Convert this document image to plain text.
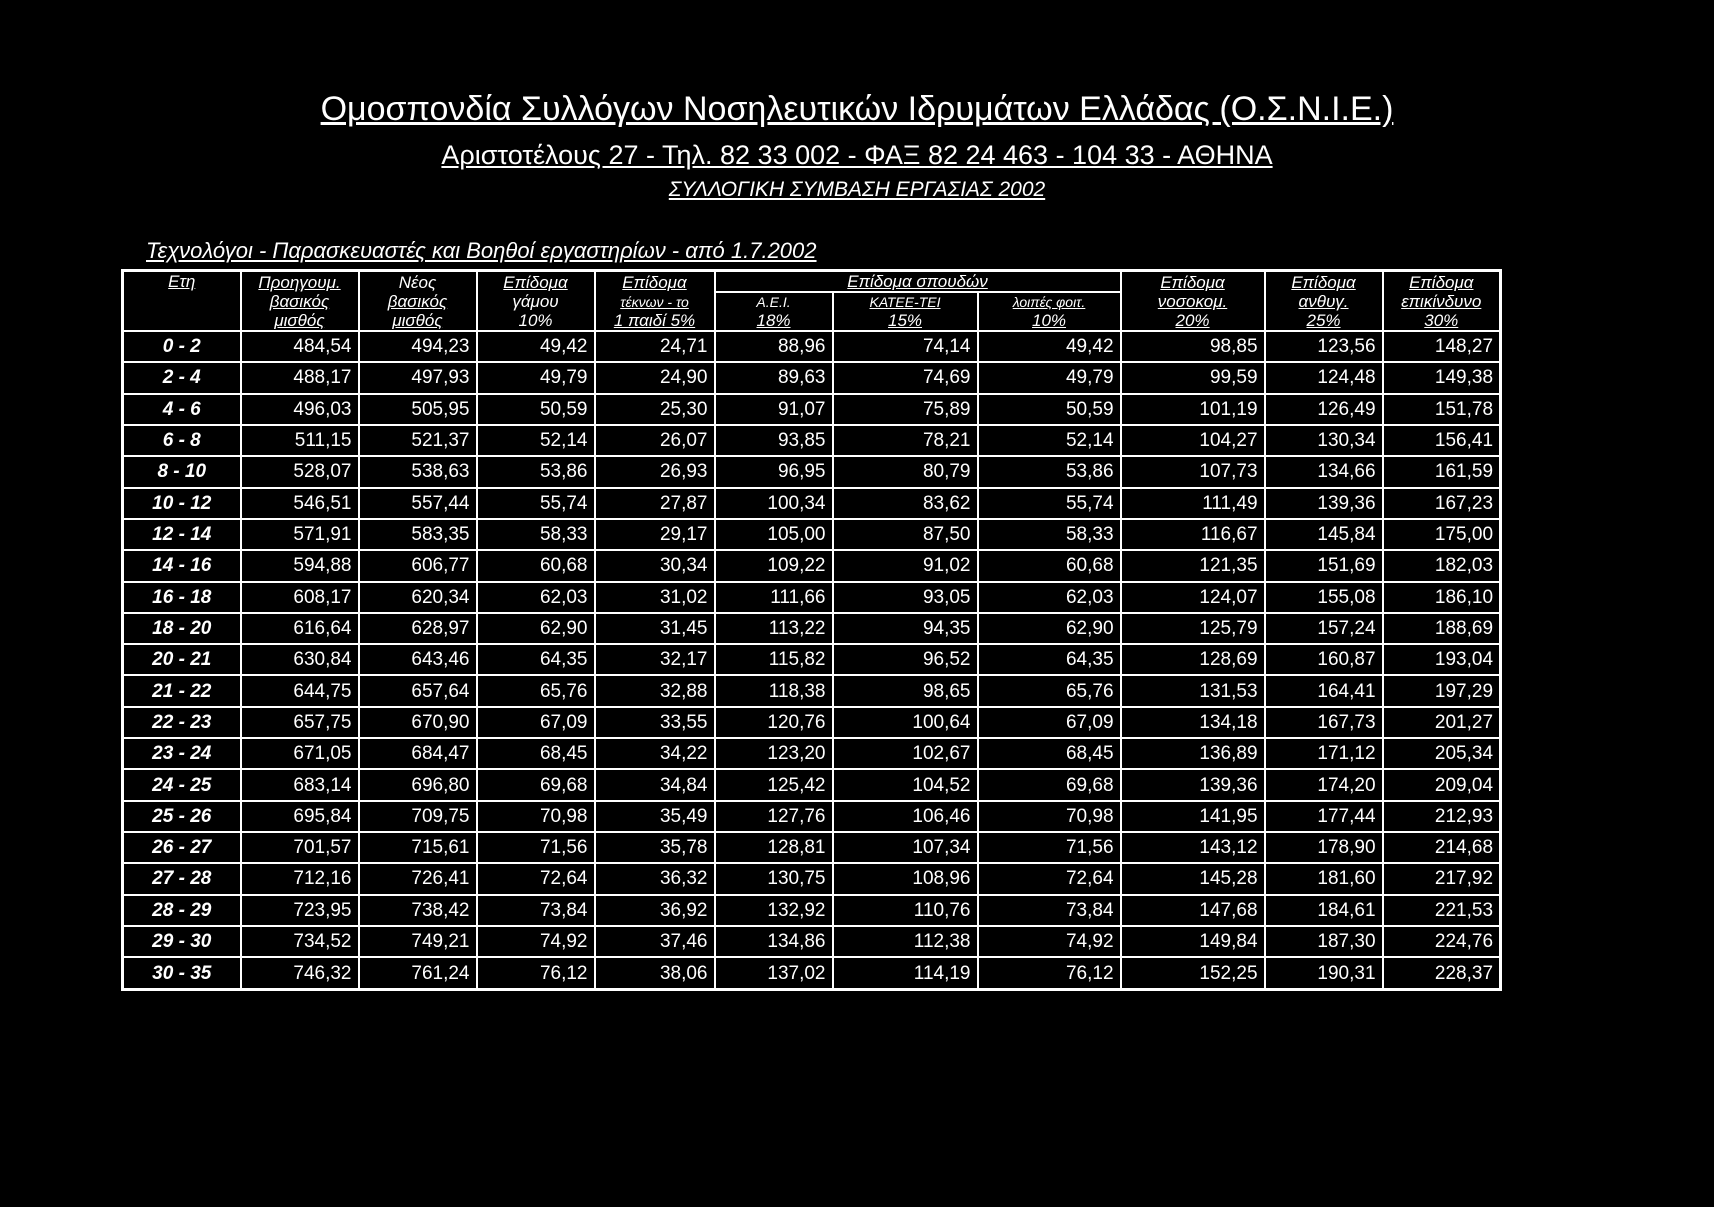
Ομοσπονδία Συλλόγων Νοσηλευτικών Ιδρυμάτων Ελλάδας (Ο.Σ.Ν.Ι.Ε.)
Αριστοτέλους 27 - Τηλ. 82 33 002 - ΦΑΞ 82 24 463 - 104 33 - ΑΘΗΝΑ
ΣΥΛΛΟΓΙΚΗ ΣΥΜΒΑΣΗ ΕΡΓΑΣΙΑΣ 2002
Τεχνολόγοι - Παρασκευαστές και Βοηθοί εργαστηρίων - από 1.7.2002
Ετη	Προηγουμ.	Νέος	Επίδομα	Επίδομα	Επίδομα σπουδών			Επίδομα	Επίδομα	Επίδομα
	βασικός	βασικός	γάμου	τέκνων - το	Α.Ε.Ι.	ΚΑΤΕΕ-ΤΕΙ	λοιπές φοιτ.	νοσοκομ.	ανθυγ.	επικίνδυνο
	μισθός	μισθός	10%	1 παιδί 5%	18%	15%	10%	20%	25%	30%
0 - 2	484,54	494,23	49,42	24,71	88,96	74,14	49,42	98,85	123,56	148,27
2 - 4	488,17	497,93	49,79	24,90	89,63	74,69	49,79	99,59	124,48	149,38
4 - 6	496,03	505,95	50,59	25,30	91,07	75,89	50,59	101,19	126,49	151,78
6 - 8	511,15	521,37	52,14	26,07	93,85	78,21	52,14	104,27	130,34	156,41
8 - 10	528,07	538,63	53,86	26,93	96,95	80,79	53,86	107,73	134,66	161,59
10 - 12	546,51	557,44	55,74	27,87	100,34	83,62	55,74	111,49	139,36	167,23
12 - 14	571,91	583,35	58,33	29,17	105,00	87,50	58,33	116,67	145,84	175,00
14 - 16	594,88	606,77	60,68	30,34	109,22	91,02	60,68	121,35	151,69	182,03
16 - 18	608,17	620,34	62,03	31,02	111,66	93,05	62,03	124,07	155,08	186,10
18 - 20	616,64	628,97	62,90	31,45	113,22	94,35	62,90	125,79	157,24	188,69
20 - 21	630,84	643,46	64,35	32,17	115,82	96,52	64,35	128,69	160,87	193,04
21 - 22	644,75	657,64	65,76	32,88	118,38	98,65	65,76	131,53	164,41	197,29
22 - 23	657,75	670,90	67,09	33,55	120,76	100,64	67,09	134,18	167,73	201,27
23 - 24	671,05	684,47	68,45	34,22	123,20	102,67	68,45	136,89	171,12	205,34
24 - 25	683,14	696,80	69,68	34,84	125,42	104,52	69,68	139,36	174,20	209,04
25 - 26	695,84	709,75	70,98	35,49	127,76	106,46	70,98	141,95	177,44	212,93
26 - 27	701,57	715,61	71,56	35,78	128,81	107,34	71,56	143,12	178,90	214,68
27 - 28	712,16	726,41	72,64	36,32	130,75	108,96	72,64	145,28	181,60	217,92
28 - 29	723,95	738,42	73,84	36,92	132,92	110,76	73,84	147,68	184,61	221,53
29 - 30	734,52	749,21	74,92	37,46	134,86	112,38	74,92	149,84	187,30	224,76
30 - 35	746,32	761,24	76,12	38,06	137,02	114,19	76,12	152,25	190,31	228,37
